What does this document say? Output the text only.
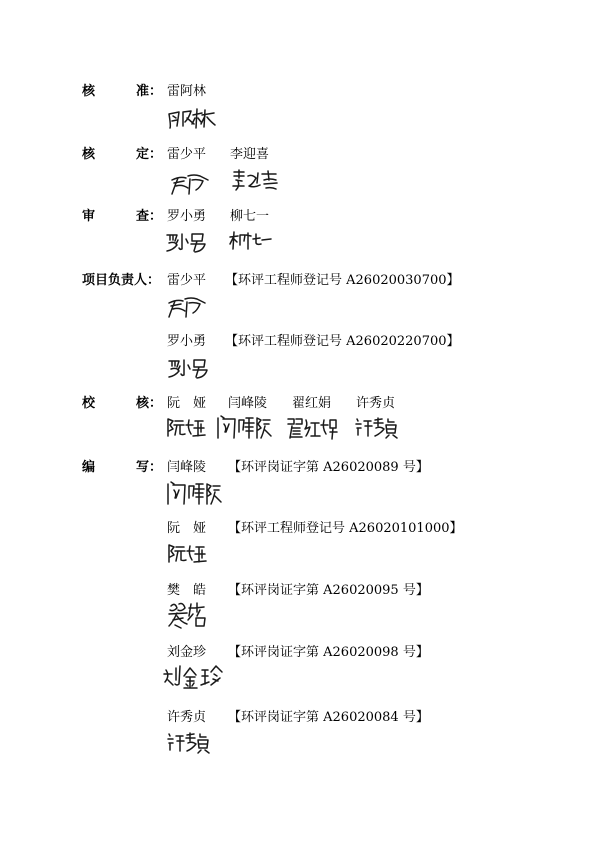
核	准 ： 雷阿林
核	定 ： 雷少平 李迎喜
审	查 ： 罗小勇 柳七一
项目负责人： 雷少平 【环评工程师登记号 A26020030700】
罗小勇 【环评工程师登记号 A26020220700】
校	核 ： 阮　娅 闫峰陵 翟红娟 许秀贞
编	写 ： 闫峰陵 【环评岗证字第 A26020089 号】
阮　娅 【环评工程师登记号 A26020101000】
樊　皓 【环评岗证字第 A26020095 号】
刘金珍 【环评岗证字第 A26020098 号】
许秀贞 【环评岗证字第 A26020084 号】
